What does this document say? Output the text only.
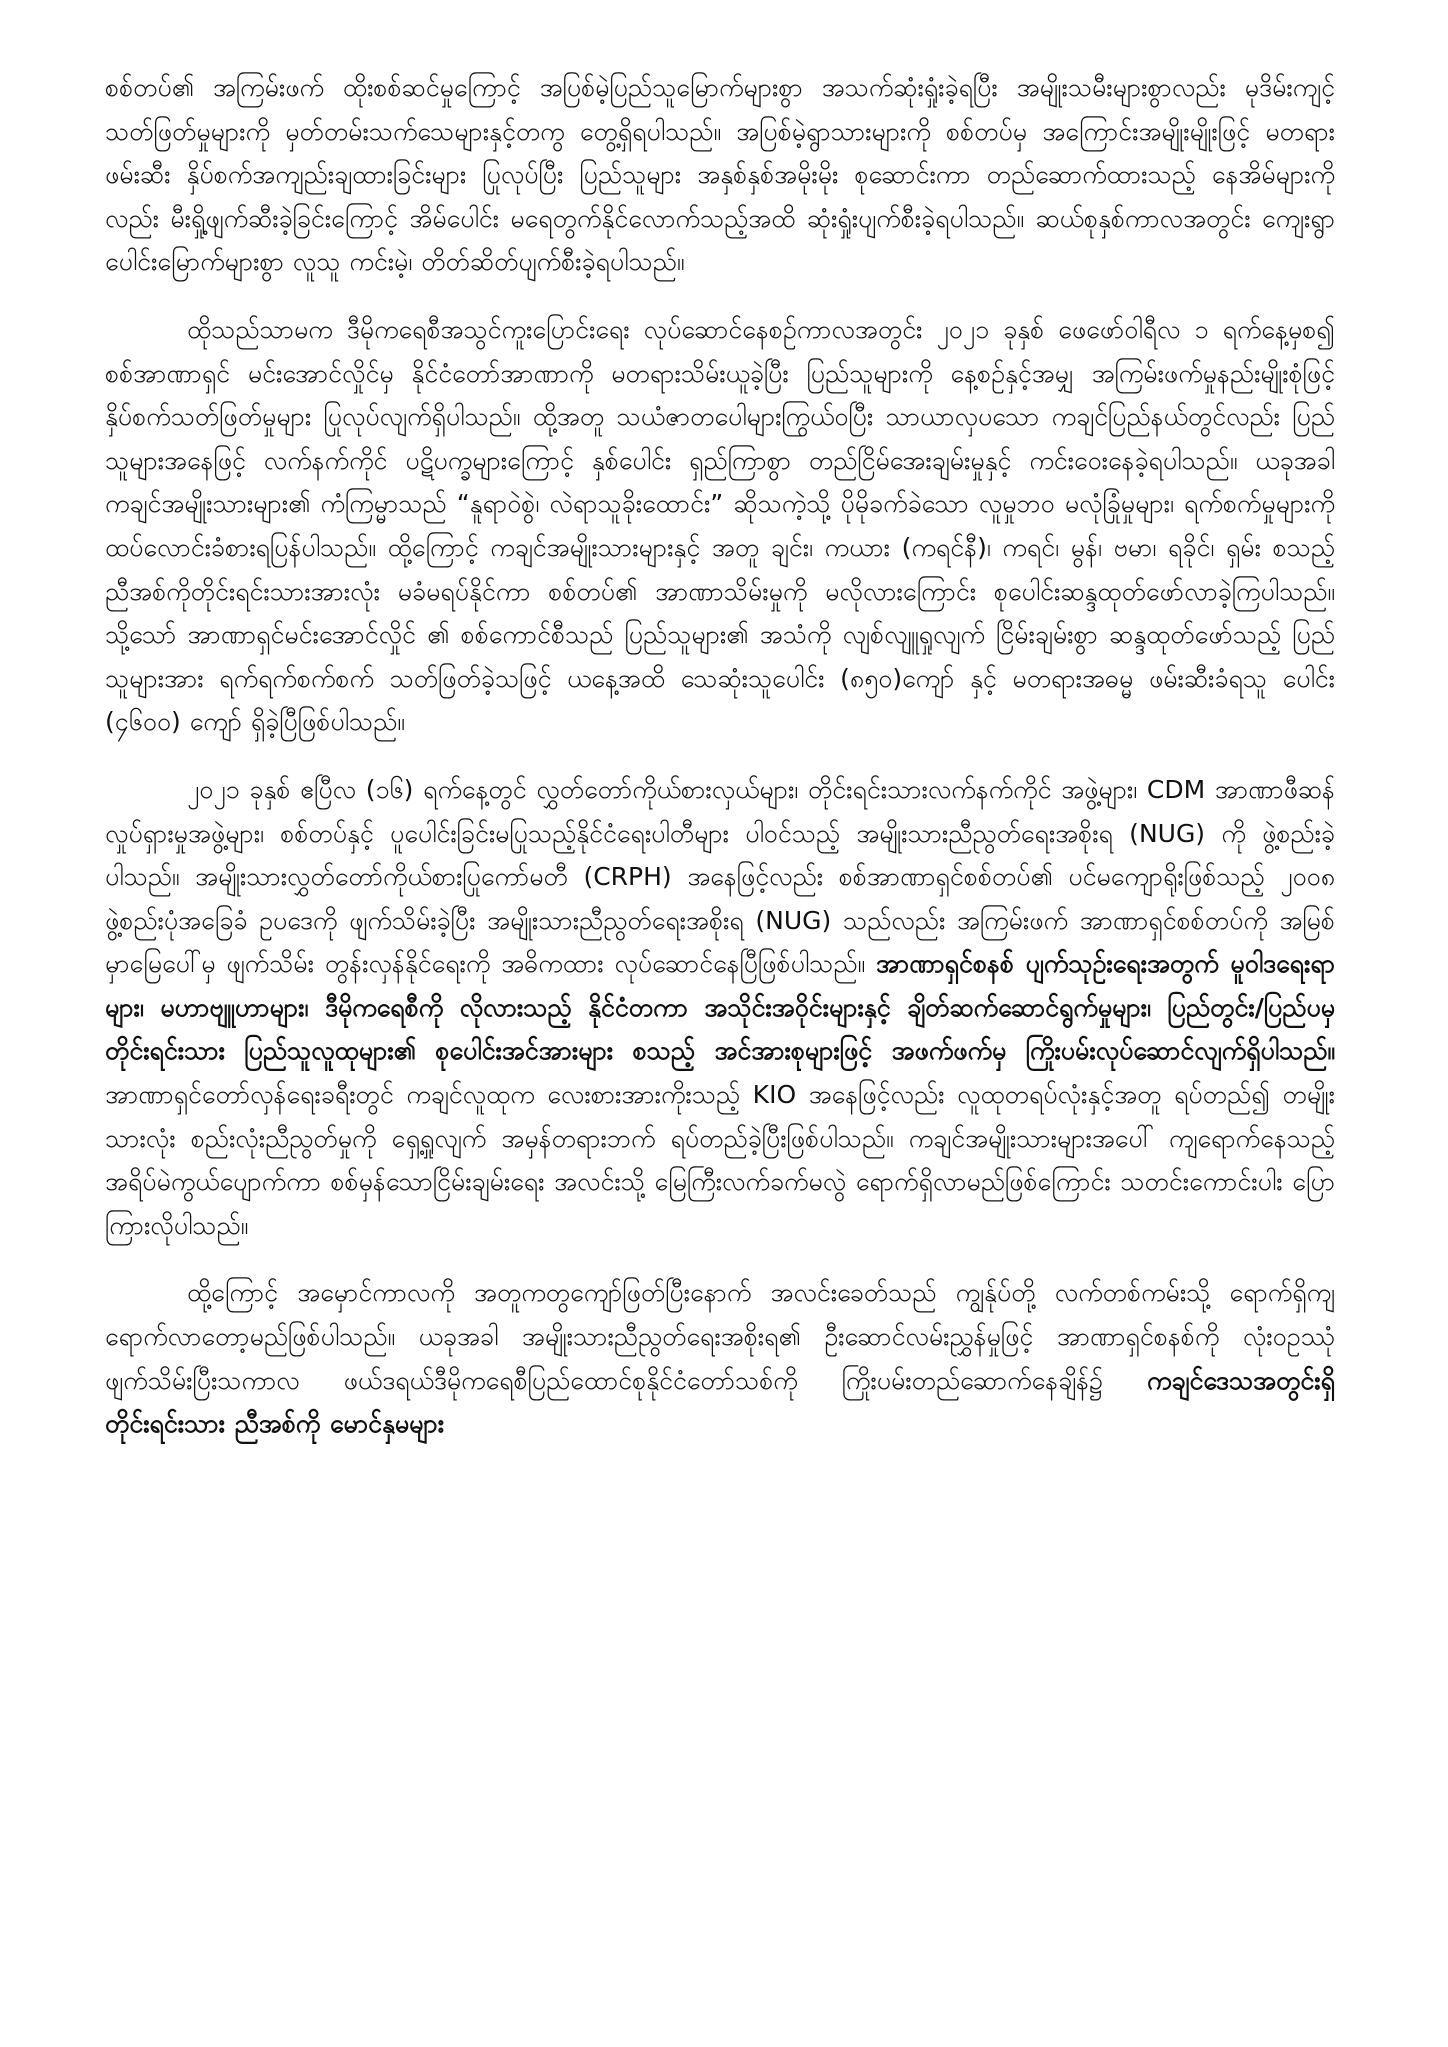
စစ်တပ်၏ အကြမ်းဖက် ထိုးစစ်ဆင်မှုကြောင့် အပြစ်မဲ့ပြည်သူမြောက်များစွာ အသက်ဆုံးရှုံးခဲ့ရပြီး အမျိုးသမီးများစွာလည်း မုဒိမ်းကျင့်သတ်ဖြတ်မှုများကို မှတ်တမ်းသက်သေများနှင့်တကွ တွေ့ရှိရပါသည်။ အပြစ်မဲ့ရွာသားများကို စစ်တပ်မှ အကြောင်းအမျိုးမျိုးဖြင့် မတရားဖမ်းဆီး နှိပ်စက်အကျည်းချထားခြင်းများ ပြုလုပ်ပြီး ပြည်သူများ အနှစ်နှစ်အမိုးမိုး စုဆောင်းကာ တည်ဆောက်ထားသည့် နေအိမ်များကိုလည်း မီးရှို့ဖျက်ဆီးခဲ့ခြင်းကြောင့် အိမ်ပေါင်း မရေတွက်နိုင်လောက်သည့်အထိ ဆုံးရှုံးပျက်စီးခဲ့ရပါသည်။ ဆယ်စုနှစ်ကာလအတွင်း ကျေးရွာပေါင်းမြောက်များစွာ လူသူ ကင်းမဲ့၊ တိတ်ဆိတ်ပျက်စီးခဲ့ရပါသည်။

ထိုသည်သာမက ဒီမိုကရေစီအသွင်ကူးပြောင်းရေး လုပ်ဆောင်နေစဥ်ကာလအတွင်း ၂၀၂၁ ခုနှစ် ဖေဖော်ဝါရီလ ၁ ရက်နေ့မှစ၍ စစ်အာဏာရှင် မင်းအောင်လှိုင်မှ နိုင်ငံတော်အာဏာကို မတရားသိမ်းယူခဲ့ပြီး ပြည်သူများကို နေ့စဥ်နှင့်အမျှ အကြမ်းဖက်မှုနည်းမျိုးစုံဖြင့် နှိပ်စက်သတ်ဖြတ်မှုများ ပြုလုပ်လျက်ရှိပါသည်။ ထို့အတူ သယံဇာတပေါများကြွယ်ဝပြီး သာယာလှပသော ကချင်ပြည်နယ်တွင်လည်း ပြည်သူများအနေဖြင့် လက်နက်ကိုင် ပဋိပက္ခများကြောင့် နှစ်ပေါင်း ရှည်ကြာစွာ တည်ငြိမ်အေးချမ်းမှုနှင့် ကင်းဝေးနေခဲ့ရပါသည်။ ယခုအခါ ကချင်အမျိုးသားများ၏ ကံကြမ္မာသည် “နူရာဝဲစွဲ၊ လဲရာသူခိုးထောင်း” ဆိုသကဲ့သို့ ပိုမိုခက်ခဲသော လူမှုဘဝ မလုံခြုံမှုများ၊ ရက်စက်မှုများကို ထပ်လောင်းခံစားရပြန်ပါသည်။ ထို့ကြောင့် ကချင်အမျိုးသားများနှင့် အတူ ချင်း၊ ကယား (ကရင်နီ)၊ ကရင်၊ မွန်၊ ဗမာ၊ ရခိုင်၊ ရှမ်း စသည့် ညီအစ်ကိုတိုင်းရင်းသားအားလုံး မခံမရပ်နိုင်ကာ စစ်တပ်၏ အာဏာသိမ်းမှုကို မလိုလားကြောင်း စုပေါင်းဆန္ဒထုတ်ဖော်လာခဲ့ကြပါသည်။ သို့သော် အာဏာရှင်မင်းအောင်လှိုင် ၏ စစ်ကောင်စီသည် ပြည်သူများ၏ အသံကို လျစ်လျူရှုလျက် ငြိမ်းချမ်းစွာ ဆန္ဒထုတ်ဖော်သည့် ပြည်သူများအား ရက်ရက်စက်စက် သတ်ဖြတ်ခဲ့သဖြင့် ယနေ့အထိ သေဆုံးသူပေါင်း (၈၅၀)ကျော် နှင့် မတရားအဓမ္မ ဖမ်းဆီးခံရသူ ပေါင်း (၄၆၀၀) ကျော် ရှိခဲ့ပြီဖြစ်ပါသည်။

၂၀၂၁ ခုနှစ် ဧပြီလ (၁၆) ရက်နေ့တွင် လွှတ်တော်ကိုယ်စားလှယ်များ၊ တိုင်းရင်းသားလက်နက်ကိုင် အဖွဲ့များ၊ CDM အာဏာဖီဆန်လှုပ်ရှားမှုအဖွဲ့များ၊ စစ်တပ်နှင့် ပူပေါင်းခြင်းမပြုသည့်နိုင်ငံရေးပါတီများ ပါဝင်သည့် အမျိုးသားညီညွတ်ရေးအစိုးရ (NUG) ကို ဖွဲ့စည်းခဲ့ပါသည်။ အမျိုးသားလွှတ်တော်ကိုယ်စားပြုကော်မတီ (CRPH) အနေဖြင့်လည်း စစ်အာဏာရှင်စစ်တပ်၏ ပင်မကျောရိုးဖြစ်သည့် ၂၀၀၈ ဖွဲ့စည်းပုံအခြေခံ ဥပဒေကို ဖျက်သိမ်းခဲ့ပြီး အမျိုးသားညီညွတ်ရေးအစိုးရ (NUG) သည်လည်း အကြမ်းဖက် အာဏာရှင်စစ်တပ်ကို အမြစ်မှာမြေပေါ်မှ ဖျက်သိမ်း တွန်းလှန်နိုင်ရေးကို အဓိကထား လုပ်ဆောင်နေပြီဖြစ်ပါသည်။ အာဏာရှင်စနစ် ပျက်သုဉ်းရေးအတွက် မူဝါဒရေးရာများ၊ မဟာဗျူဟာများ၊ ဒီမိုကရေစီကို လိုလားသည့် နိုင်ငံတကာ အသိုင်းအဝိုင်းများနှင့် ချိတ်ဆက်ဆောင်ရွက်မှုများ၊ ပြည်တွင်း/ပြည်ပမှ တိုင်းရင်းသား ပြည်သူလူထုများ၏ စုပေါင်းအင်အားများ စသည့် အင်အားစုများဖြင့် အဖက်ဖက်မှ ကြိုးပမ်းလုပ်ဆောင်လျက်ရှိပါသည်။ အာဏာရှင်တော်လှန်ရေးခရီးတွင် ကချင်လူထုက လေးစားအားကိုးသည့် KIO အနေဖြင့်လည်း လူထုတရပ်လုံးနှင့်အတူ ရပ်တည်၍ တမျိုးသားလုံး စည်းလုံးညီညွတ်မှုကို ရှေ့ရှုလျက် အမှန်တရားဘက် ရပ်တည်ခဲ့ပြီးဖြစ်ပါသည်။ ကချင်အမျိုးသားများအပေါ် ကျရောက်နေသည့် အရိပ်မဲကွယ်ပျောက်ကာ စစ်မှန်သောငြိမ်းချမ်းရေး အလင်းသို့ မြေကြီးလက်ခက်မလွဲ ရောက်ရှိလာမည်ဖြစ်ကြောင်း သတင်းကောင်းပါး ပြောကြားလိုပါသည်။

ထို့ကြောင့် အမှောင်ကာလကို အတူကတွကျော်ဖြတ်ပြီးနောက် အလင်းခေတ်သည် ကျွန်ုပ်တို့ လက်တစ်ကမ်းသို့ ရောက်ရှိကျရောက်လာတော့မည်ဖြစ်ပါသည်။ ယခုအခါ အမျိုးသားညီညွတ်ရေးအစိုးရ၏ ဦးဆောင်လမ်းညွှန်မှုဖြင့် အာဏာရှင်စနစ်ကို လုံးဝဥဿုံ ဖျက်သိမ်းပြီးသကာလ ဖယ်ဒရယ်ဒီမိုကရေစီပြည်ထောင်စုနိုင်ငံတော်သစ်ကို ကြိုးပမ်းတည်ဆောက်နေချိန်၌ ကချင်ဒေသအတွင်းရှိ တိုင်းရင်းသား ညီအစ်ကို မောင်နှမများ
